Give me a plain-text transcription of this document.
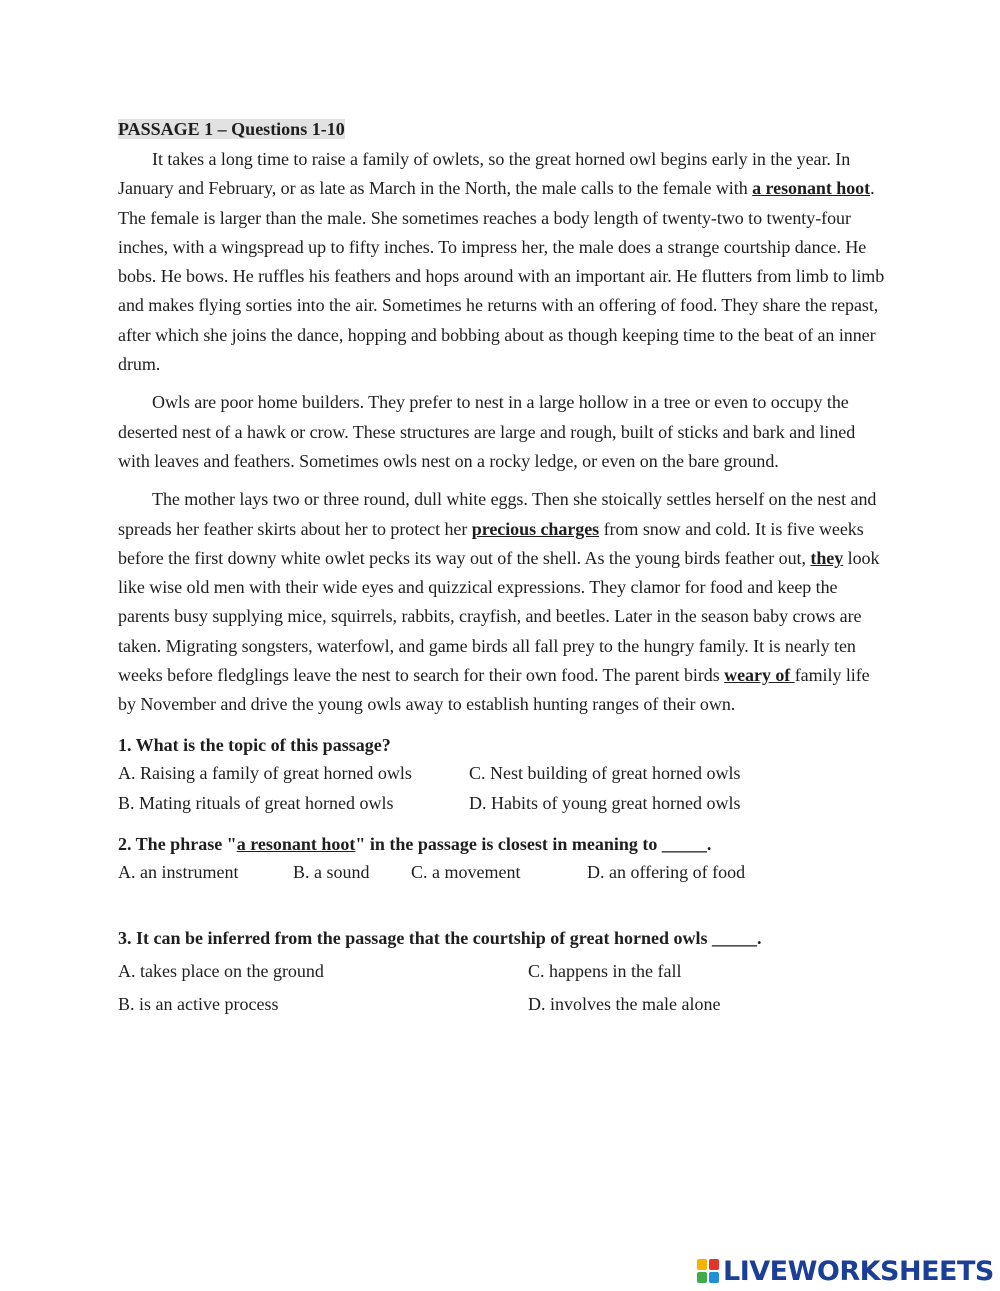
PASSAGE 1 – Questions 1-10

It takes a long time to raise a family of owlets, so the great horned owl begins early in the year. In January and February, or as late as March in the North, the male calls to the female with a resonant hoot. The female is larger than the male. She sometimes reaches a body length of twenty-two to twenty-four inches, with a wingspread up to fifty inches. To impress her, the male does a strange courtship dance. He bobs. He bows. He ruffles his feathers and hops around with an important air. He flutters from limb to limb and makes flying sorties into the air. Sometimes he returns with an offering of food. They share the repast, after which she joins the dance, hopping and bobbing about as though keeping time to the beat of an inner drum.

Owls are poor home builders. They prefer to nest in a large hollow in a tree or even to occupy the deserted nest of a hawk or crow. These structures are large and rough, built of sticks and bark and lined with leaves and feathers. Sometimes owls nest on a rocky ledge, or even on the bare ground.

The mother lays two or three round, dull white eggs. Then she stoically settles herself on the nest and spreads her feather skirts about her to protect her precious charges from snow and cold. It is five weeks before the first downy white owlet pecks its way out of the shell. As the young birds feather out, they look like wise old men with their wide eyes and quizzical expressions. They clamor for food and keep the parents busy supplying mice, squirrels, rabbits, crayfish, and beetles. Later in the season baby crows are taken. Migrating songsters, waterfowl, and game birds all fall prey to the hungry family. It is nearly ten weeks before fledglings leave the nest to search for their own food. The parent birds weary of family life by November and drive the young owls away to establish hunting ranges of their own.

1. What is the topic of this passage?

A. Raising a family of great horned owls	C. Nest building of great horned owls
B. Mating rituals of great horned owls	D. Habits of young great horned owls

2. The phrase "a resonant hoot" in the passage is closest in meaning to _____.

A. an instrument	B. a sound C. a movement	D. an offering of food

3. It can be inferred from the passage that the courtship of great horned owls _____.

A. takes place on the ground	C. happens in the fall
B. is an active process	D. involves the male alone
LIVEWORKSHEETS
